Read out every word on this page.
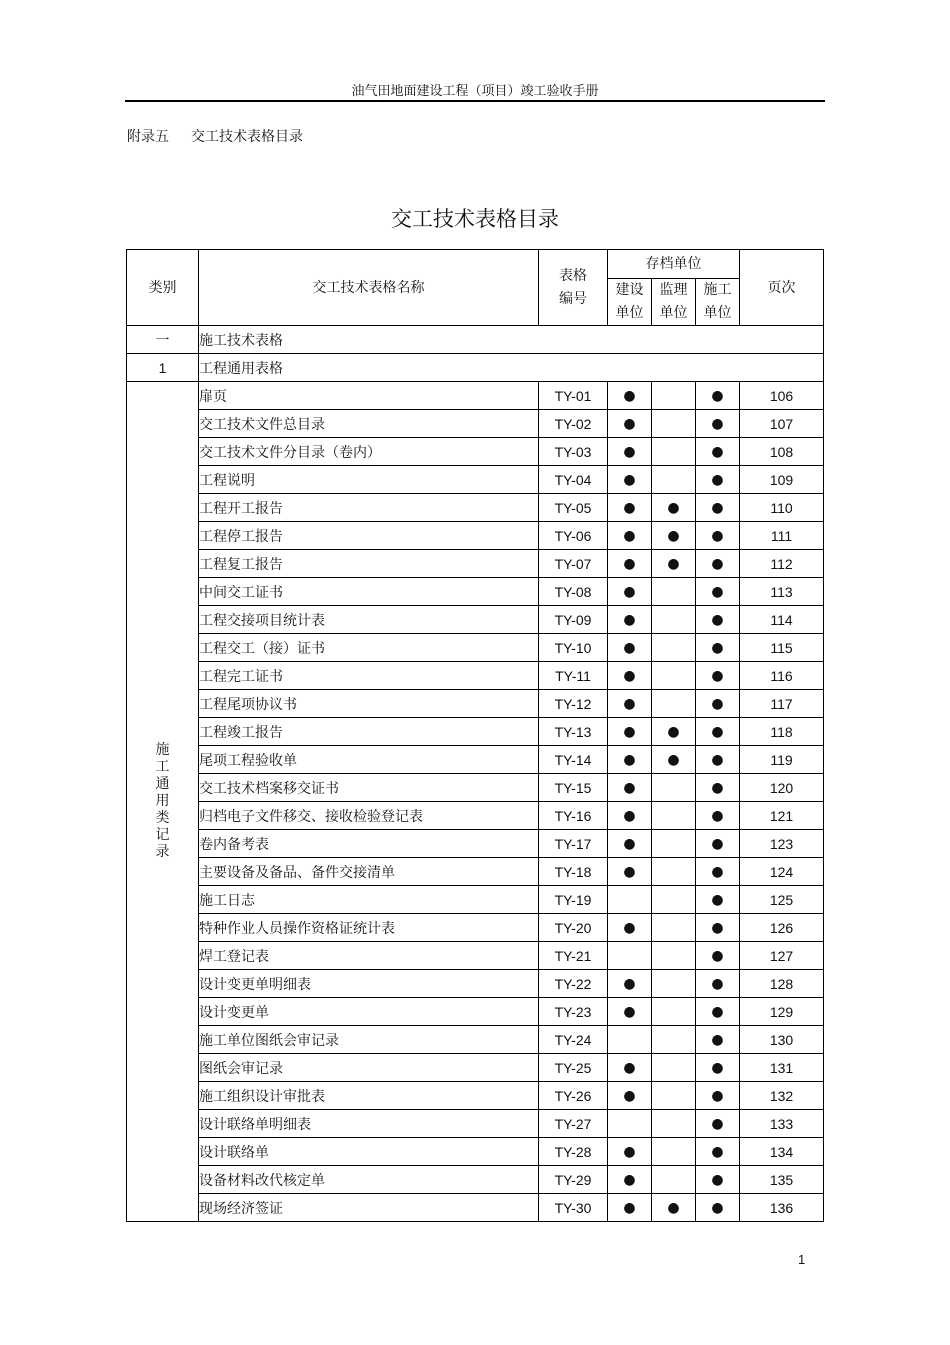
油气田地面建设工程（项目）竣工验收手册
附录五 交工技术表格目录
交工技术表格目录
类别	交工技术表格名称	表格编号	存档单位			页次
			建设单位	监理单位	施工单位	
一	施工技术表格					
1	工程通用表格					
施工通用类记录	扉页	TY-01	●		●	106
	交工技术文件总目录	TY-02	●		●	107
	交工技术文件分目录（卷内）	TY-03	●		●	108
	工程说明	TY-04	●		●	109
	工程开工报告	TY-05	●	●	●	110
	工程停工报告	TY-06	●	●	●	111
	工程复工报告	TY-07	●	●	●	112
	中间交工证书	TY-08	●		●	113
	工程交接项目统计表	TY-09	●		●	114
	工程交工（接）证书	TY-10	●		●	115
	工程完工证书	TY-11	●		●	116
	工程尾项协议书	TY-12	●		●	117
	工程竣工报告	TY-13	●	●	●	118
	尾项工程验收单	TY-14	●	●	●	119
	交工技术档案移交证书	TY-15	●		●	120
	归档电子文件移交、接收检验登记表	TY-16	●		●	121
	卷内备考表	TY-17	●		●	123
	主要设备及备品、备件交接清单	TY-18	●		●	124
	施工日志	TY-19			●	125
	特种作业人员操作资格证统计表	TY-20	●		●	126
	焊工登记表	TY-21			●	127
	设计变更单明细表	TY-22	●		●	128
	设计变更单	TY-23	●		●	129
	施工单位图纸会审记录	TY-24			●	130
	图纸会审记录	TY-25	●		●	131
	施工组织设计审批表	TY-26	●		●	132
	设计联络单明细表	TY-27			●	133
	设计联络单	TY-28	●		●	134
	设备材料改代核定单	TY-29	●		●	135
	现场经济签证	TY-30	●	●	●	136
1
